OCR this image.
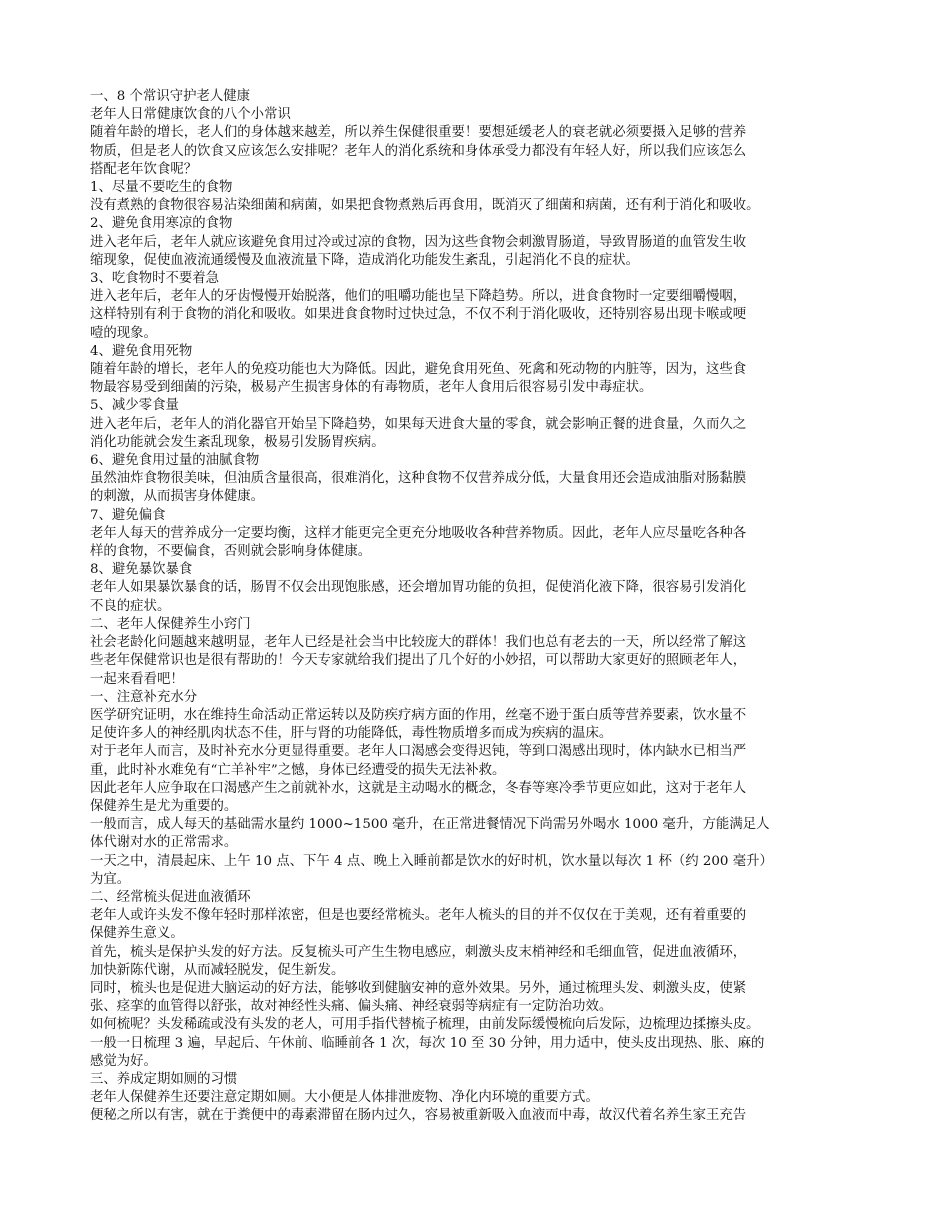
一、8 个常识守护老人健康
老年人日常健康饮食的八个小常识
随着年龄的增长，老人们的身体越来越差，所以养生保健很重要！要想延缓老人的衰老就必须要摄入足够的营养
物质，但是老人的饮食又应该怎么安排呢？老年人的消化系统和身体承受力都没有年轻人好，所以我们应该怎么
搭配老年饮食呢？
1、尽量不要吃生的食物
没有煮熟的食物很容易沾染细菌和病菌，如果把食物煮熟后再食用，既消灭了细菌和病菌，还有利于消化和吸收。
2、避免食用寒凉的食物
进入老年后，老年人就应该避免食用过冷或过凉的食物，因为这些食物会刺激胃肠道，导致胃肠道的血管发生收
缩现象，促使血液流通缓慢及血液流量下降，造成消化功能发生紊乱，引起消化不良的症状。
3、吃食物时不要着急
进入老年后，老年人的牙齿慢慢开始脱落，他们的咀嚼功能也呈下降趋势。所以，进食食物时一定要细嚼慢咽，
这样特别有利于食物的消化和吸收。如果进食食物时过快过急，不仅不利于消化吸收，还特别容易出现卡喉或哽
噎的现象。
4、避免食用死物
随着年龄的增长，老年人的免疫功能也大为降低。因此，避免食用死鱼、死禽和死动物的内脏等，因为，这些食
物最容易受到细菌的污染，极易产生损害身体的有毒物质，老年人食用后很容易引发中毒症状。
5、减少零食量
进入老年后，老年人的消化器官开始呈下降趋势，如果每天进食大量的零食，就会影响正餐的进食量，久而久之
消化功能就会发生紊乱现象，极易引发肠胃疾病。
6、避免食用过量的油腻食物
虽然油炸食物很美味，但油质含量很高，很难消化，这种食物不仅营养成分低，大量食用还会造成油脂对肠黏膜
的刺激，从而损害身体健康。
7、避免偏食
老年人每天的营养成分一定要均衡，这样才能更完全更充分地吸收各种营养物质。因此，老年人应尽量吃各种各
样的食物，不要偏食，否则就会影响身体健康。
8、避免暴饮暴食
老年人如果暴饮暴食的话，肠胃不仅会出现饱胀感，还会增加胃功能的负担，促使消化液下降，很容易引发消化
不良的症状。
二、老年人保健养生小窍门
社会老龄化问题越来越明显，老年人已经是社会当中比较庞大的群体！我们也总有老去的一天，所以经常了解这
些老年保健常识也是很有帮助的！今天专家就给我们提出了几个好的小妙招，可以帮助大家更好的照顾老年人，
一起来看看吧！
一、注意补充水分
医学研究证明，水在维持生命活动正常运转以及防疾疗病方面的作用，丝毫不逊于蛋白质等营养要素，饮水量不
足使许多人的神经肌肉状态不佳，肝与肾的功能降低，毒性物质增多而成为疾病的温床。
对于老年人而言，及时补充水分更显得重要。老年人口渴感会变得迟钝，等到口渴感出现时，体内缺水已相当严
重，此时补水难免有“亡羊补牢”之憾，身体已经遭受的损失无法补救。
因此老年人应争取在口渴感产生之前就补水，这就是主动喝水的概念，冬春等寒冷季节更应如此，这对于老年人
保健养生是尤为重要的。
一般而言，成人每天的基础需水量约 1000~1500 毫升，在正常进餐情况下尚需另外喝水 1000 毫升，方能满足人
体代谢对水的正常需求。
一天之中，清晨起床、上午 10 点、下午 4 点、晚上入睡前都是饮水的好时机，饮水量以每次 1 杯（约 200 毫升）
为宜。
二、经常梳头促进血液循环
老年人或许头发不像年轻时那样浓密，但是也要经常梳头。老年人梳头的目的并不仅仅在于美观，还有着重要的
保健养生意义。
首先，梳头是保护头发的好方法。反复梳头可产生生物电感应，刺激头皮末梢神经和毛细血管，促进血液循环，
加快新陈代谢，从而减轻脱发，促生新发。
同时，梳头也是促进大脑运动的好方法，能够收到健脑安神的意外效果。另外，通过梳理头发、刺激头皮，使紧
张、痉挛的血管得以舒张，故对神经性头痛、偏头痛、神经衰弱等病症有一定防治功效。
如何梳呢？头发稀疏或没有头发的老人，可用手指代替梳子梳理，由前发际缓慢梳向后发际，边梳理边揉擦头皮。
一般一日梳理 3 遍，早起后、午休前、临睡前各 1 次，每次 10 至 30 分钟，用力适中，使头皮出现热、胀、麻的
感觉为好。
三、养成定期如厕的习惯
老年人保健养生还要注意定期如厕。大小便是人体排泄废物、净化内环境的重要方式。
便秘之所以有害，就在于粪便中的毒素滞留在肠内过久，容易被重新吸入血液而中毒，故汉代着名养生家王充告
